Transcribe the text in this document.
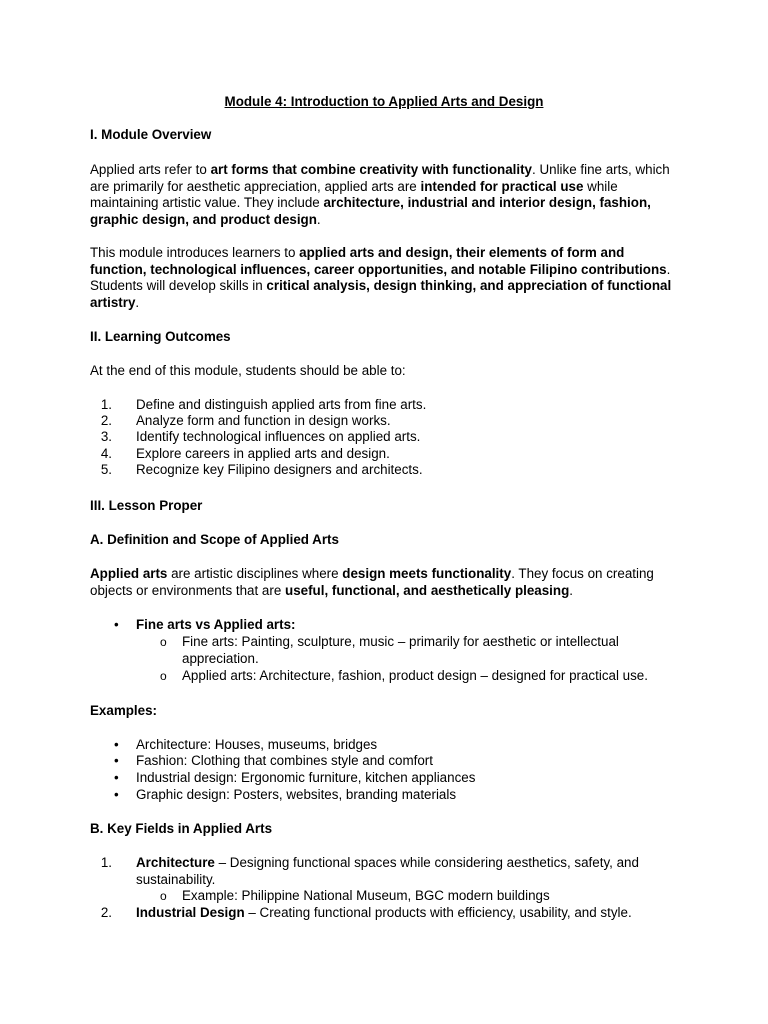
Module 4: Introduction to Applied Arts and Design

I. Module Overview

Applied arts refer to art forms that combine creativity with functionality. Unlike fine arts, which are primarily for aesthetic appreciation, applied arts are intended for practical use while maintaining artistic value. They include architecture, industrial and interior design, fashion, graphic design, and product design.

This module introduces learners to applied arts and design, their elements of form and function, technological influences, career opportunities, and notable Filipino contributions. Students will develop skills in critical analysis, design thinking, and appreciation of functional artistry.

II. Learning Outcomes

At the end of this module, students should be able to:

1. Define and distinguish applied arts from fine arts.
2. Analyze form and function in design works.
3. Identify technological influences on applied arts.
4. Explore careers in applied arts and design.
5. Recognize key Filipino designers and architects.

III. Lesson Proper

A. Definition and Scope of Applied Arts

Applied arts are artistic disciplines where design meets functionality. They focus on creating objects or environments that are useful, functional, and aesthetically pleasing.

• Fine arts vs Applied arts:
o Fine arts: Painting, sculpture, music – primarily for aesthetic or intellectual appreciation.
o Applied arts: Architecture, fashion, product design – designed for practical use.

Examples:

• Architecture: Houses, museums, bridges
• Fashion: Clothing that combines style and comfort
• Industrial design: Ergonomic furniture, kitchen appliances
• Graphic design: Posters, websites, branding materials

B. Key Fields in Applied Arts

1. Architecture – Designing functional spaces while considering aesthetics, safety, and sustainability.
o Example: Philippine National Museum, BGC modern buildings
2. Industrial Design – Creating functional products with efficiency, usability, and style.
